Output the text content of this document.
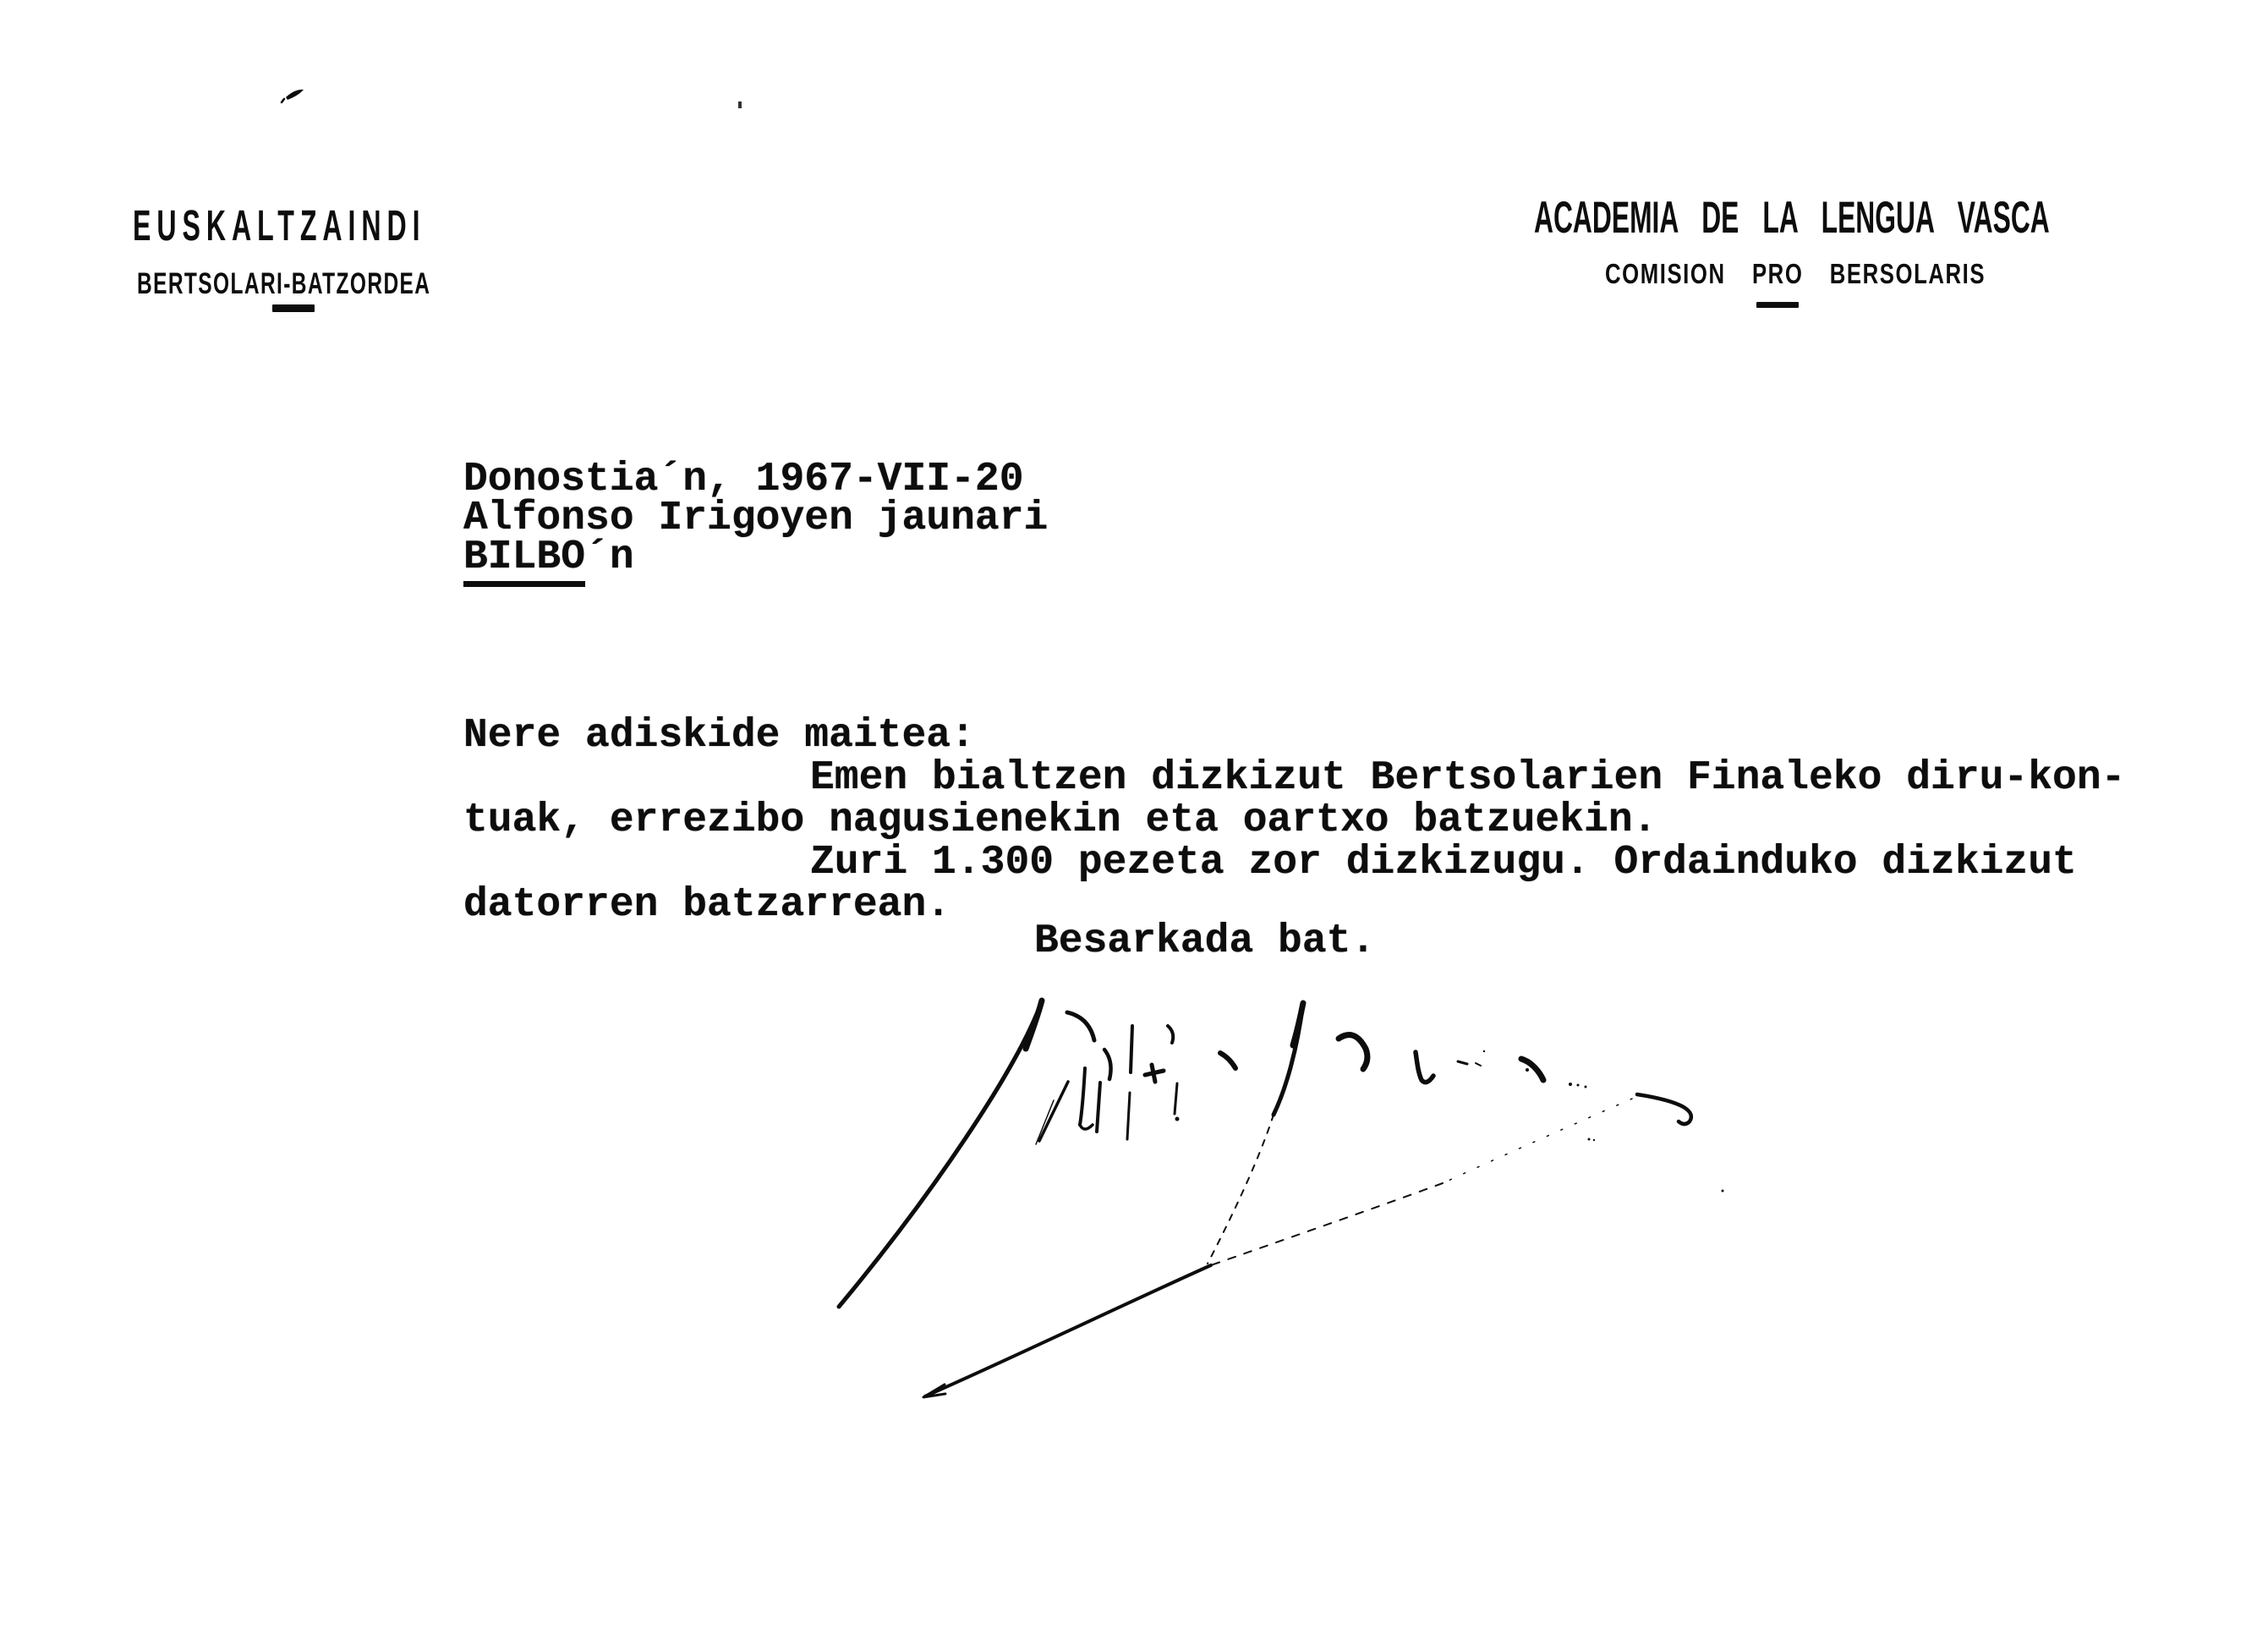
EUSKALTZAINDI
BERTSOLARI-BATZORDEA
ACADEMIA DE LA LENGUA VASCA
COMISION PRO BERSOLARIS
Donostia´n, 1967-VII-20
Alfonso Irigoyen jaunari
BILBO´n
Nere adiskide maitea:
Emen bialtzen dizkizut Bertsolarien Finaleko diru-kon-
tuak, errezibo nagusienekin eta oartxo batzuekin.
Zuri 1.300 pezeta zor dizkizugu. Ordainduko dizkizut
datorren batzarrean.
Besarkada bat.
